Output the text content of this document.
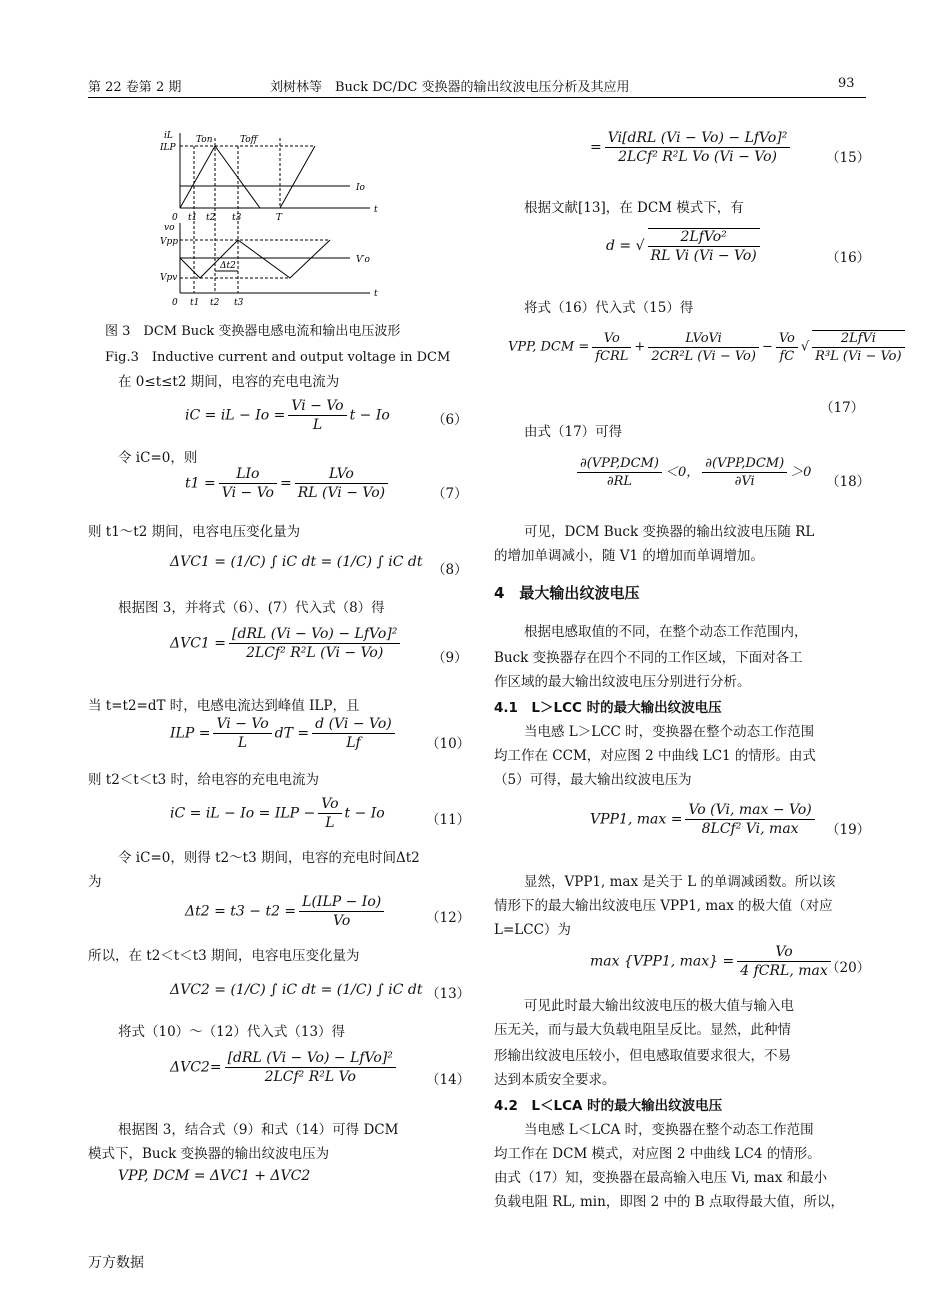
第 22 卷第 2 期	刘树林等　Buck DC/DC 变换器的输出纹波电压分析及其应用	93
iL
ILP
Ton	Toff
Io
t
0 t1 t2 t3	T
vo
Vpp
V′o
Vpv
Δt2
t
0 t1 t2 t3
图 3　DCM Buck 变换器电感电流和输出电压波形
Fig.3　Inductive current and output voltage in DCM
在 0≤t≤t2 期间，电容的充电电流为
iC = iL − $Io = \frac{Vi - Vo}{L}$ t − Io	（6）
令 iC=0，则
$t1 = \frac{\text{LIo}}{Vi - Vo} = \frac{\text{LVo}}{RL (Vi - Vo)}$	（7）
则 t1～t2 期间，电容电压变化量为
ΔVC1 = (1/C) ∫ iC dt = (1/C) ∫ iC dt （8）
根据图 3，并将式（6）、(7）代入式（8）得
$\Delta VC1 = \frac{\text{[dRL (Vi − Vo) − LfVo]²}}{\text{2LCf² R²L (Vi − Vo)}} (9)$
当 t=t2=dT 时，电感电流达到峰值 ILP，且
ILP = $\frac{Vi - Vo}{L}$ dT = $\frac{d (Vi - Vo)}{Lf} (10)$
则 t2＜t＜t3 时，给电容的充电电流为
iC = iL − Io = ILP − $\frac{Vo}{L}$ t − Io	（11）
令 iC=0，则得 t2～t3 期间，电容的充电时间Δt2
为
$\Delta t2 = t3 - t2 = \frac{\text{L(ILP − Io)}}{Vo}$	（12）
所以，在 t2＜t＜t3 期间，电容电压变化量为
ΔVC2 = (1/C) ∫ iC dt = (1/C) ∫ iC dt （13）
将式（10）～（12）代入式（13）得
$\Delta VC2= \frac{\text{[dRL (Vi − Vo) − LfVo]²}}{\text{2LCf² R²L Vo}} (14)$
根据图 3，结合式（9）和式（14）可得 DCM
模式下，Buck 变换器的输出纹波电压为
VPP, DCM = ΔVC1 + ΔVC2
= $\frac{\text{Vi[dRL (Vi − Vo) − LfVo]²}}{\text{2LCf² R²L Vo (Vi − Vo)}}$	（15）
根据文献[13]，在 DCM 模式下，有
d = √ $\frac{\text{2LfVo²}}{\text{RL Vi (Vi − Vo)}}$	（16）
将式（16）代入式（15）得
VPP, DCM = $\frac{Vo}{\text{fCRL}} + \frac{\text{LVoVi}}{\text{2CR²L (Vi − Vo)}} - \frac{Vo}{fC}$ √ $\frac{\text{2LfVi}}{\text{R³L (Vi − Vo)}}$
（17）
由式（17）可得
$\frac{\text{∂(VPP,DCM)}}{\partial RL} <0$， $\frac{\text{∂(VPP,DCM)}}{\partial Vi} >0$
（18）
可见，DCM Buck 变换器的输出纹波电压随 RL
的增加单调减小，随 V1 的增加而单调增加。
4　最大输出纹波电压
根据电感取值的不同，在整个动态工作范围内，
Buck 变换器存在四个不同的工作区域，下面对各工
作区域的最大输出纹波电压分别进行分析。
4.1　L＞LCC 时的最大输出纹波电压
当电感 L＞LCC 时，变换器在整个动态工作范围
均工作在 CCM，对应图 2 中曲线 LC1 的情形。由式
（5）可得，最大输出纹波电压为
VPP1, $\max = \frac{Vo (Vi, \max - Vo)}{\text{8LCf² Vi, max}} (19)$
显然，VPP1, max 是关于 L 的单调减函数。所以该
情形下的最大输出纹波电压 VPP1, max 的极大值（对应
L=LCC）为
max {VPP1, $\max\} = \frac{Vo}{\text{4 fCRL, max}}$
（20）
可见此时最大输出纹波电压的极大值与输入电
压无关，而与最大负载电阻呈反比。显然，此种情
形输出纹波电压较小，但电感取值要求很大，不易
达到本质安全要求。
4.2　L＜LCA 时的最大输出纹波电压
当电感 L＜LCA 时，变换器在整个动态工作范围
均工作在 DCM 模式，对应图 2 中曲线 LC4 的情形。
由式（17）知，变换器在最高输入电压 Vi, max 和最小
负载电阻 RL, min，即图 2 中的 B 点取得最大值，所以，
万方数据
